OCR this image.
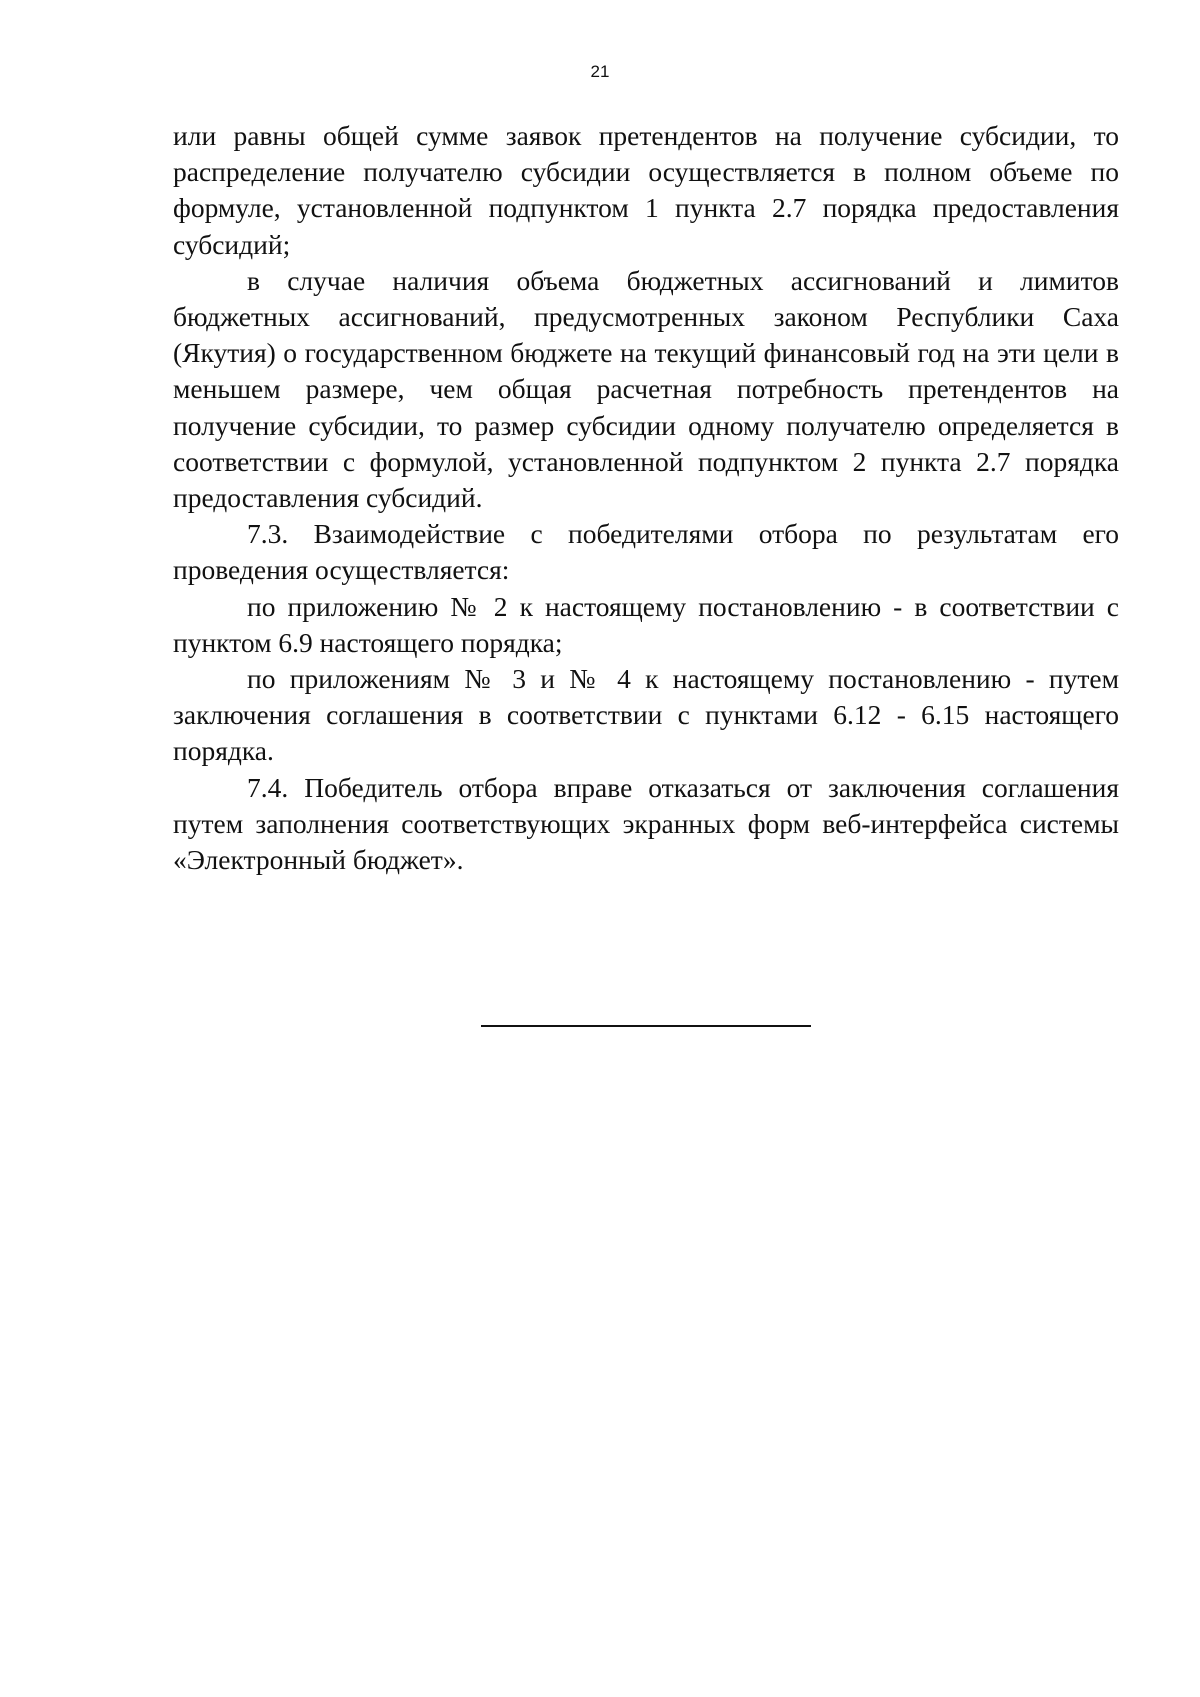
21

или равны общей сумме заявок претендентов на получение субсидии, то распределение получателю субсидии осуществляется в полном объеме по формуле, установленной подпунктом 1 пункта 2.7 порядка предоставления субсидий;

в случае наличия объема бюджетных ассигнований и лимитов бюджетных ассигнований, предусмотренных законом Республики Саха (Якутия) о государственном бюджете на текущий финансовый год на эти цели в меньшем размере, чем общая расчетная потребность претендентов на получение субсидии, то размер субсидии одному получателю определяется в соответствии с формулой, установленной подпунктом 2 пункта 2.7 порядка предоставления субсидий.

7.3. Взаимодействие с победителями отбора по результатам его проведения осуществляется:

по приложению № 2 к настоящему постановлению - в соответствии с пунктом 6.9 настоящего порядка;

по приложениям № 3 и № 4 к настоящему постановлению - путем заключения соглашения в соответствии с пунктами 6.12 - 6.15 настоящего порядка.

7.4. Победитель отбора вправе отказаться от заключения соглашения путем заполнения соответствующих экранных форм веб-интерфейса системы «Электронный бюджет».
